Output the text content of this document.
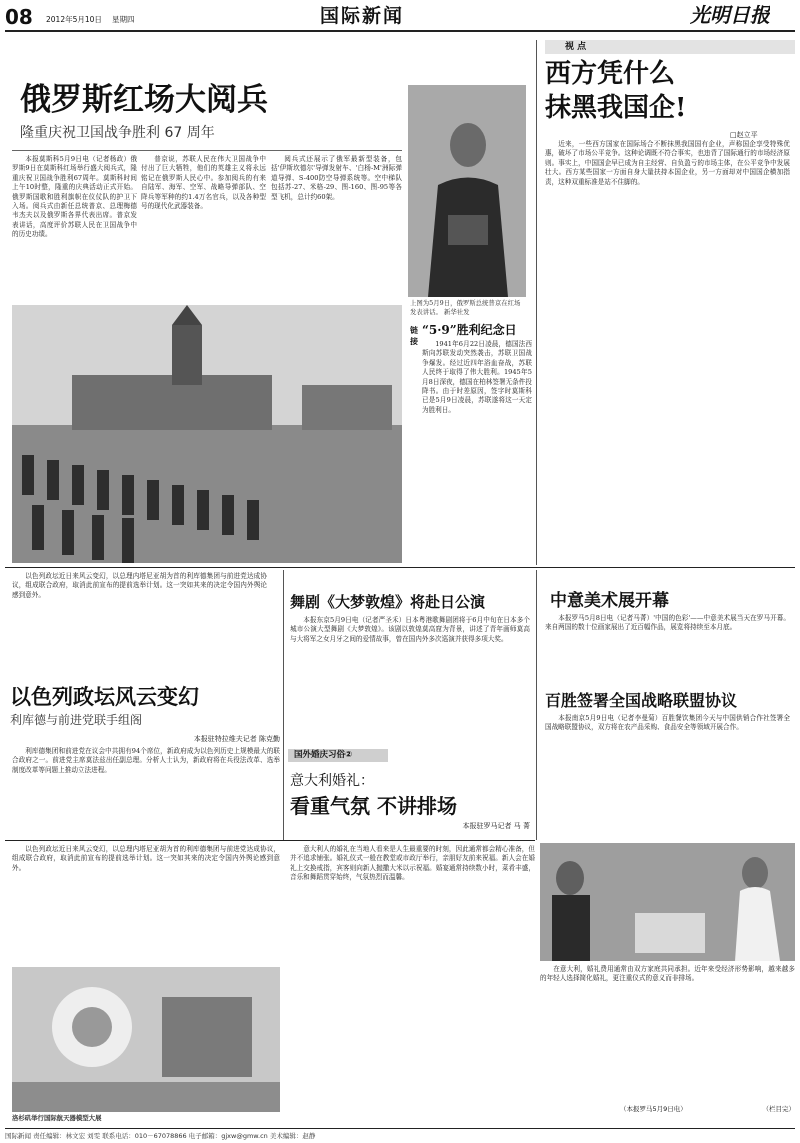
08 2012年5月10日 星期四	国际新闻	光明日报
俄罗斯红场大阅兵
隆重庆祝卫国战争胜利 67 周年
本报莫斯科5月9日电（记者杨政）俄罗斯9日在莫斯科红场举行盛大阅兵式，隆重庆祝卫国战争胜利67周年。莫斯科时间上午10时整，隆重的庆典活动正式开始。俄罗斯国歌和胜利旗帜在仪仗队的护卫下入场。阅兵式由新任总统普京、总理梅德韦杰夫以及俄罗斯各界代表出席。普京发表讲话，高度评价苏联人民在卫国战争中的历史功绩。
普京说，苏联人民在伟大卫国战争中付出了巨大牺牲，他们的英雄主义将永远铭记在俄罗斯人民心中。参加阅兵的有来自陆军、海军、空军、战略导弹部队、空降兵等军种的约1.4万名官兵，以及各种型号的现代化武器装备。
阅兵式还展示了俄军最新型装备，包括'伊斯坎德尔'导弹发射车、'白杨-M'洲际弹道导弹、S-400防空导弹系统等。空中梯队包括苏-27、米格-29、图-160、图-95等各型飞机，总计约60架。
上图为5月9日，俄罗斯总统普京在红场发表讲话。 新华社发
链接
“5·9”胜利纪念日
1941年6月22日凌晨，德国法西斯向苏联发动突然袭击，苏联卫国战争爆发。经过近四年浴血奋战，苏联人民终于取得了伟大胜利。1945年5月8日深夜，德国在柏林签署无条件投降书。由于时差原因，签字时莫斯科已是5月9日凌晨，苏联遂将这一天定为胜利日。
视 点
西方凭什么
抹黑我国企!
□赵立平
近来，一些西方国家在国际场合不断抹黑我国国有企业，声称国企享受特殊优惠，破坏了市场公平竞争。这种论调既不符合事实，也违背了国际通行的市场经济原则。事实上，中国国企早已成为自主经营、自负盈亏的市场主体，在公平竞争中发展壮大。西方某些国家一方面自身大量扶持本国企业，另一方面却对中国国企横加指责，这种双重标准是站不住脚的。
以色列政坛近日来风云变幻，以总理内塔尼亚胡为首的利库德集团与前进党达成协议，组成联合政府，取消此前宣布的提前选举计划。这一突如其来的决定令国内外舆论感到意外。
以色列政坛风云变幻
利库德与前进党联手组阁
本报驻特拉维夫记者 陈克勤
利库德集团和前进党在议会中共拥有94个席位，新政府成为以色列历史上规模最大的联合政府之一。前进党主席莫法兹出任副总理。分析人士认为，新政府将在兵役法改革、选举制度改革等问题上推动立法进程。
舞剧《大梦敦煌》将赴日公演
本报东京5月9日电（记者严圣禾）日本粤港歌舞剧团将于6月中旬在日本多个城市公演大型舞剧《大梦敦煌》。该剧以敦煌莫高窟为背景，讲述了青年画师莫高与大将军之女月牙之间的爱情故事，曾在国内外多次巡演并获得多项大奖。
中意美术展开幕
本报罗马5月8日电（记者马菁）'中国的色彩'——中意美术展当天在罗马开幕。来自两国的数十位画家展出了近百幅作品，展览将持续至本月底。
百胜签署全国战略联盟协议
本报南京5月9日电（记者李曼菊）百胜餐饮集团今天与中国供销合作社签署全国战略联盟协议，双方将在农产品采购、食品安全等领域开展合作。
国外婚庆习俗②
意大利婚礼：
看重气氛 不讲排场
本报驻罗马记者 马 菁
以色列政坛近日来风云变幻，以总理内塔尼亚胡为首的利库德集团与前进党达成协议，组成联合政府，取消此前宣布的提前选举计划。这一突如其来的决定令国内外舆论感到意外。
洛杉矶举行国际航天器模型大展
意大利人的婚礼在当地人看来是人生最重要的时刻，因此通常都会精心准备，但并不追求铺张。婚礼仪式一般在教堂或市政厅举行，亲朋好友前来祝福。新人会在婚礼上交换戒指，宾客则向新人抛撒大米以示祝福。婚宴通常持续数小时，菜肴丰盛，音乐和舞蹈贯穿始终，气氛热烈而温馨。
在意大利，婚礼费用通常由双方家庭共同承担。近年来受经济形势影响，越来越多的年轻人选择简化婚礼，更注重仪式的意义而非排场。
（本报罗马5月9日电）	（栏目完）
国际新闻 责任编辑：林文宏 刘雯 联系电话：010－67078866 电子邮箱：gjxw@gmw.cn 美术编辑：赵静
